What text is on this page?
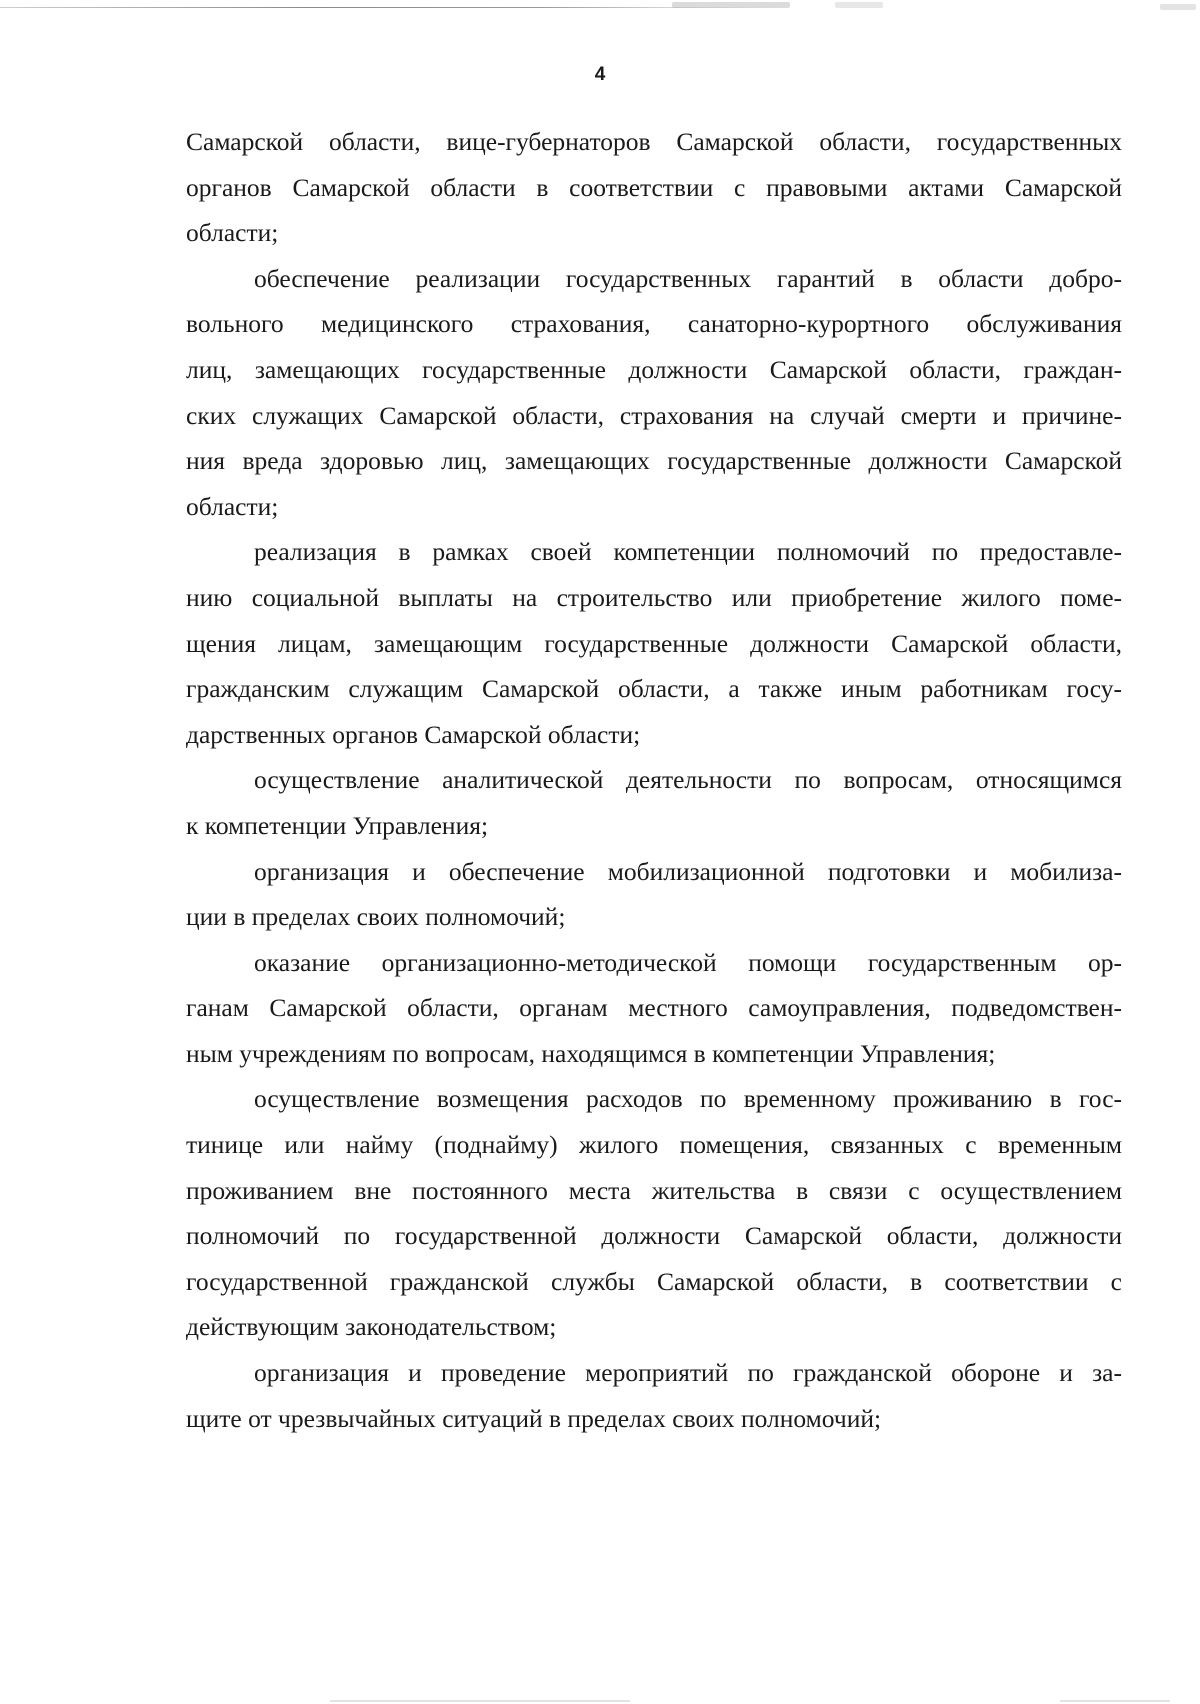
4
Самарской области, вице-губернаторов Самарской области, государственных
органов Самарской области в соответствии с правовыми актами Самарской
области;
обеспечение реализации государственных гарантий в области добро-
вольного медицинского страхования, санаторно-курортного обслуживания
лиц, замещающих государственные должности Самарской области, граждан-
ских служащих Самарской области, страхования на случай смерти и причине-
ния вреда здоровью лиц, замещающих государственные должности Самарской
области;
реализация в рамках своей компетенции полномочий по предоставле-
нию социальной выплаты на строительство или приобретение жилого поме-
щения лицам, замещающим государственные должности Самарской области,
гражданским служащим Самарской области, а также иным работникам госу-
дарственных органов Самарской области;
осуществление аналитической деятельности по вопросам, относящимся
к компетенции Управления;
организация и обеспечение мобилизационной подготовки и мобилиза-
ции в пределах своих полномочий;
оказание организационно-методической помощи государственным ор-
ганам Самарской области, органам местного самоуправления, подведомствен-
ным учреждениям по вопросам, находящимся в компетенции Управления;
осуществление возмещения расходов по временному проживанию в гос-
тинице или найму (поднайму) жилого помещения, связанных с временным
проживанием вне постоянного места жительства в связи с осуществлением
полномочий по государственной должности Самарской области, должности
государственной гражданской службы Самарской области, в соответствии с
действующим законодательством;
организация и проведение мероприятий по гражданской обороне и за-
щите от чрезвычайных ситуаций в пределах своих полномочий;
